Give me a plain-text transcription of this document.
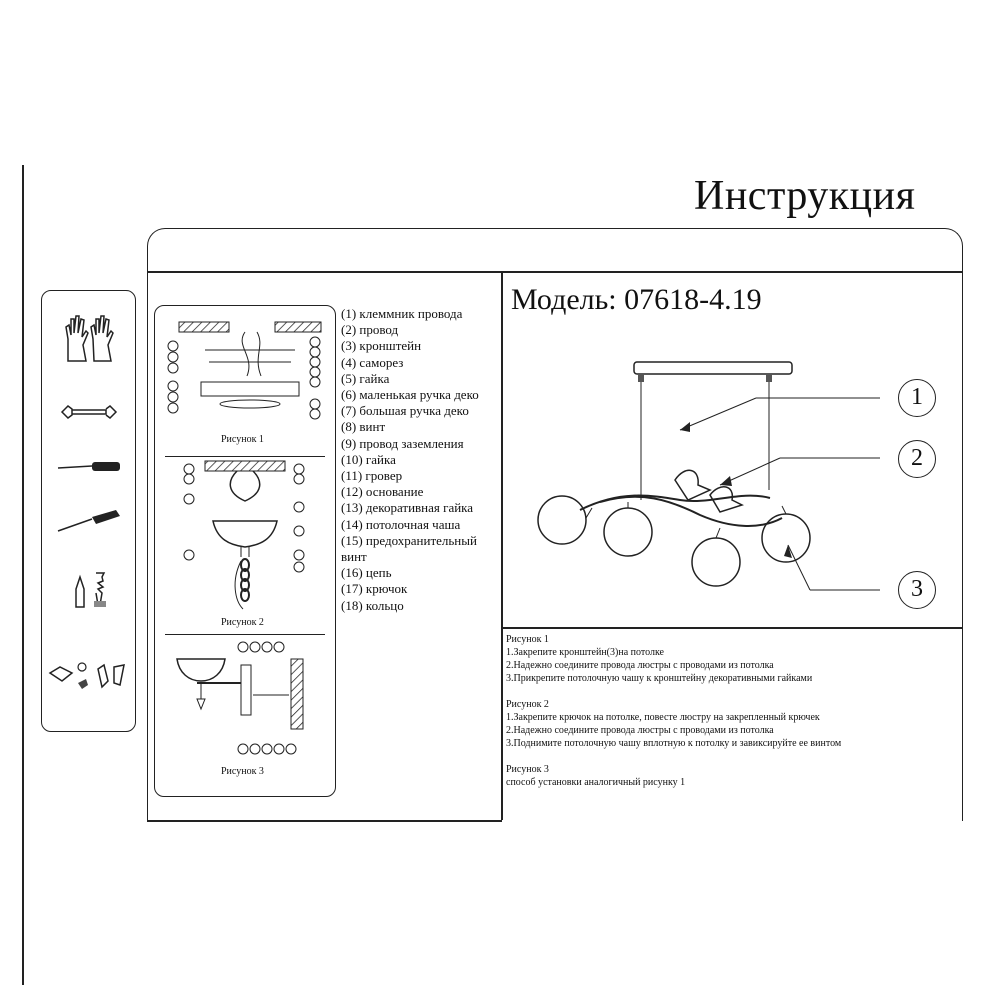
Инструкция
Рисунок 1
Рисунок 2
Рисунок 3
(1) клеммник провода
(2) провод
(3) кронштейн
(4) саморез
(5) гайка
(6) маленькая ручка деко
(7) большая ручка деко
(8) винт
(9) провод заземления
(10) гайка
(11) гровер
(12) основание
(13) декоративная гайка
(14) потолочная чаша
(15) предохранительный
винт
(16) цепь
(17) крючок
(18) кольцо
Модель: 07618-4.19
1
2
3
Рисунок 1
1.Закрепите кронштейн(3)на потолке
2.Надежно соедините провода люстры с проводами из потолка
3.Прикрепите потолочную чашу к кронштейну декоративными гайками
Рисунок 2
1.Закрепите крючок на потолке, повесте люстру на закрепленный крючек
2.Надежно соедините провода люстры с проводами из потолка
3.Поднимите потолочную чашу вплотную к потолку и завиксируйте ее винтом
Рисунок 3
способ установки аналогичный рисунку 1
